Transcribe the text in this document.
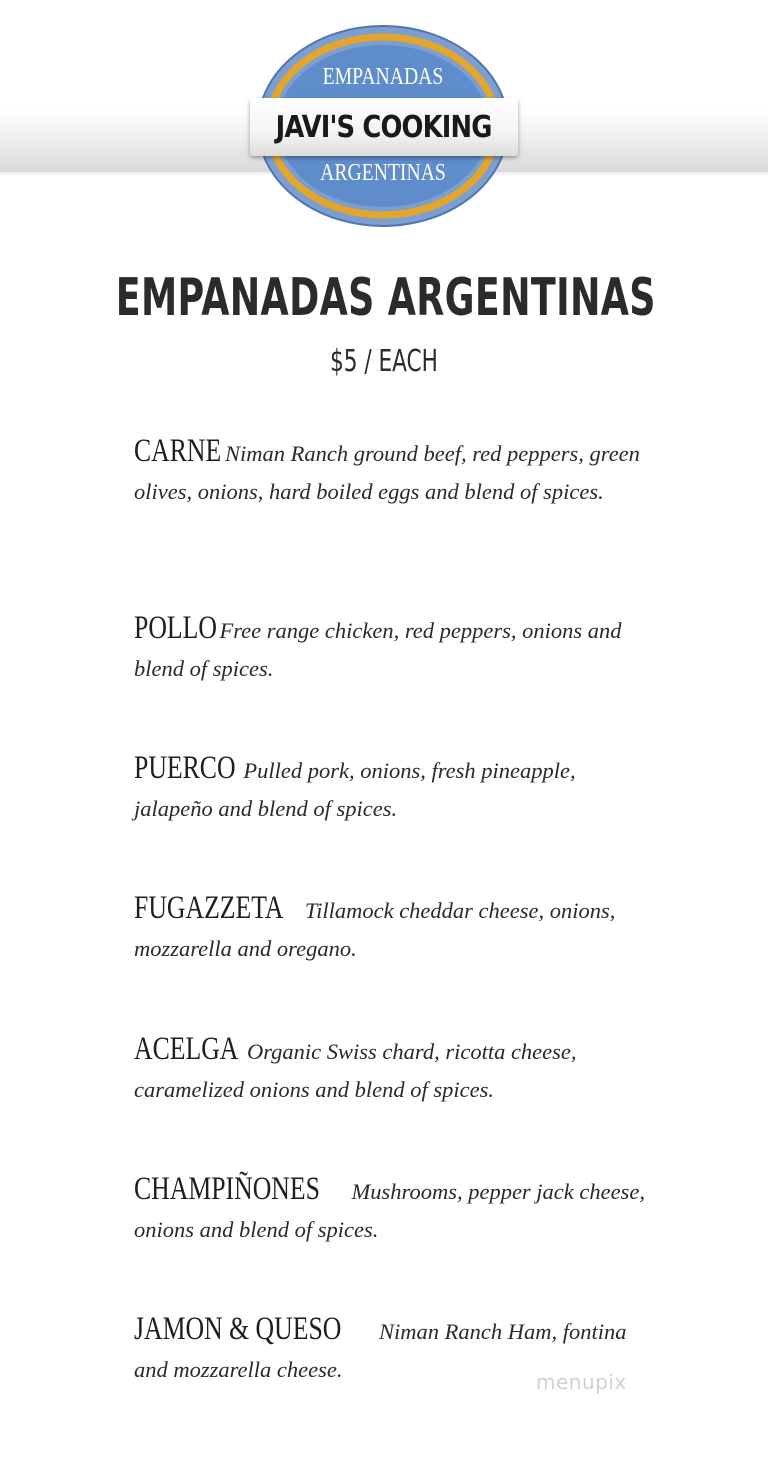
EMPANADAS
JAVI'S COOKING
ARGENTINAS
EMPANADAS ARGENTINAS
$5 / EACH
CARNE Niman Ranch ground beef, red peppers, green olives, onions, hard boiled eggs and blend of spices.
POLLO Free range chicken, red peppers, onions and blend of spices.
PUERCO Pulled pork, onions, fresh pineapple, jalapeño and blend of spices.
FUGAZZETA Tillamock cheddar cheese, onions, mozzarella and oregano.
ACELGA Organic Swiss chard, ricotta cheese, caramelized onions and blend of spices.
CHAMPIÑONES Mushrooms, pepper jack cheese, onions and blend of spices.
JAMON & QUESO Niman Ranch Ham, fontina and mozzarella cheese.	menupix
